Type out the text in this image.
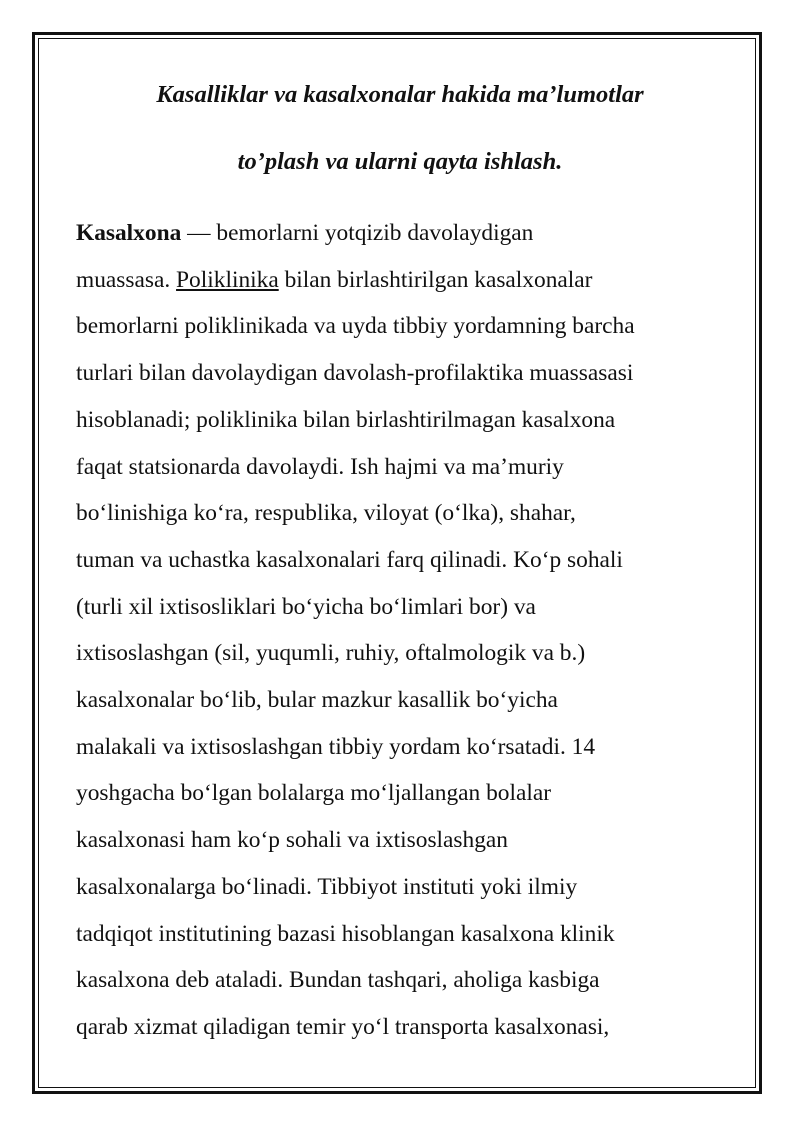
Kasalliklar va kasalxonalar hakida ma’lumotlar
to’plash va ularni qayta ishlash.

Kasalxona — bemorlarni yotqizib davolaydigan
muassasa. Poliklinika bilan birlashtirilgan kasalxonalar
bemorlarni poliklinikada va uyda tibbiy yordamning barcha
turlari bilan davolaydigan davolash-profilaktika muassasasi
hisoblanadi; poliklinika bilan birlashtirilmagan kasalxona
faqat statsionarda davolaydi. Ish hajmi va ma’muriy
boʻlinishiga koʻra, respublika, viloyat (oʻlka), shahar,
tuman va uchastka kasalxonalari farq qilinadi. Koʻp sohali
(turli xil ixtisosliklari boʻyicha boʻlimlari bor) va
ixtisoslashgan (sil, yuqumli, ruhiy, oftalmologik va b.)
kasalxonalar boʻlib, bular mazkur kasallik boʻyicha
malakali va ixtisoslashgan tibbiy yordam koʻrsatadi. 14
yoshgacha boʻlgan bolalarga moʻljallangan bolalar
kasalxonasi ham koʻp sohali va ixtisoslashgan
kasalxonalarga boʻlinadi. Tibbiyot instituti yoki ilmiy
tadqiqot institutining bazasi hisoblangan kasalxona klinik
kasalxona deb ataladi. Bundan tashqari, aholiga kasbiga
qarab xizmat qiladigan temir yoʻl transporta kasalxonasi,
